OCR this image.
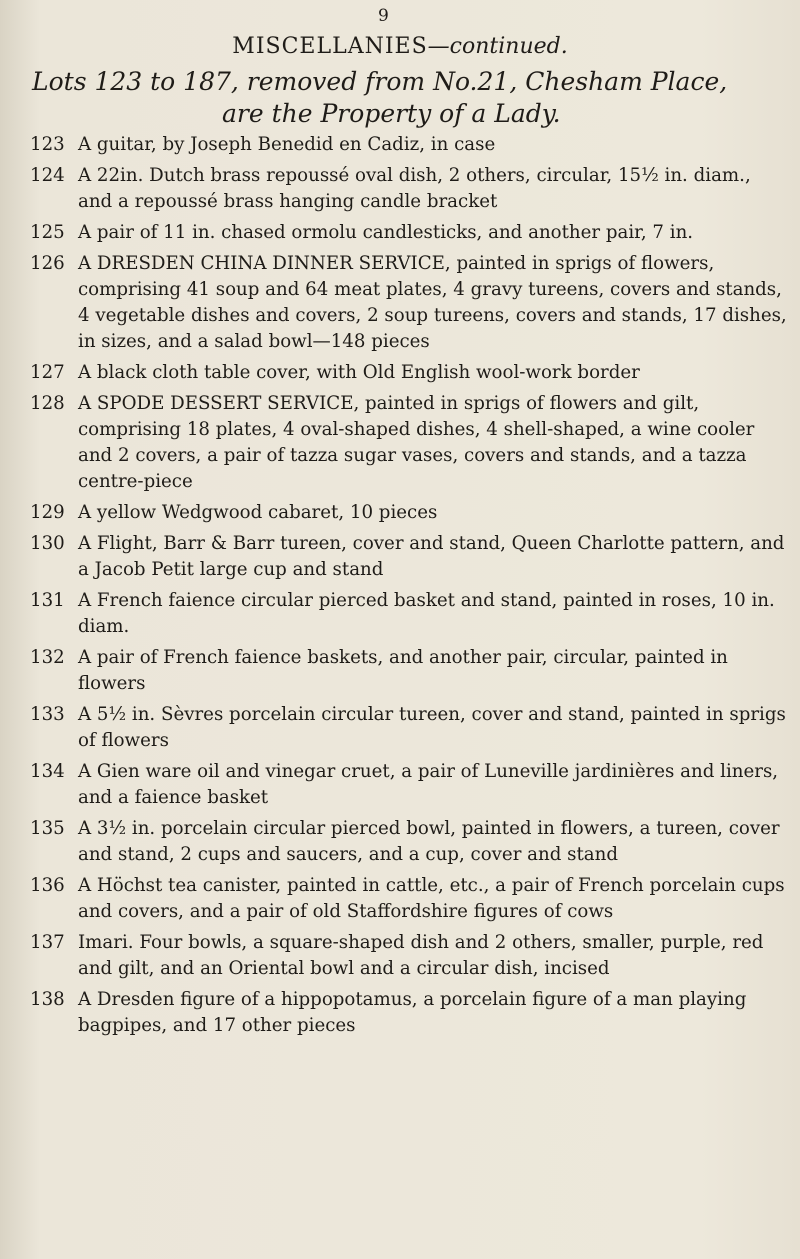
9
MISCELLANIES—continued.
Lots 123 to 187, removed from No.21, Chesham Place,
are the Property of a Lady.
123 A guitar, by Joseph Benedid en Cadiz, in case
124 A 22in. Dutch brass repoussé oval dish, 2 others, circular, 15½ in. diam., and a repoussé brass hanging candle bracket
125 A pair of 11 in. chased ormolu candlesticks, and another pair, 7 in.
126 A DRESDEN CHINA DINNER SERVICE, painted in sprigs of flowers, comprising 41 soup and 64 meat plates, 4 gravy tureens, covers and stands, 4 vegetable dishes and covers, 2 soup tureens, covers and stands, 17 dishes, in sizes, and a salad bowl—148 pieces
127 A black cloth table cover, with Old English wool-work border
128 A SPODE DESSERT SERVICE, painted in sprigs of flowers and gilt, comprising 18 plates, 4 oval-shaped dishes, 4 shell-shaped, a wine cooler and 2 covers, a pair of tazza sugar vases, covers and stands, and a tazza centre-piece
129 A yellow Wedgwood cabaret, 10 pieces
130 A Flight, Barr & Barr tureen, cover and stand, Queen Charlotte pattern, and a Jacob Petit large cup and stand
131 A French faience circular pierced basket and stand, painted in roses, 10 in. diam.
132 A pair of French faience baskets, and another pair, circular, painted in flowers
133 A 5½ in. Sèvres porcelain circular tureen, cover and stand, painted in sprigs of flowers
134 A Gien ware oil and vinegar cruet, a pair of Luneville jardinières and liners, and a faience basket
135 A 3½ in. porcelain circular pierced bowl, painted in flowers, a tureen, cover and stand, 2 cups and saucers, and a cup, cover and stand
136 A Höchst tea canister, painted in cattle, etc., a pair of French porcelain cups and covers, and a pair of old Staffordshire figures of cows
137 Imari. Four bowls, a square-shaped dish and 2 others, smaller, purple, red and gilt, and an Oriental bowl and a circular dish, incised
138 A Dresden figure of a hippopotamus, a porcelain figure of a man playing bagpipes, and 17 other pieces
